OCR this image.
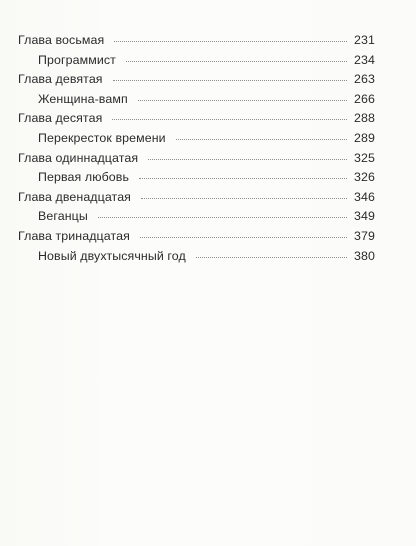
Глава восьмая	231
Программист	234
Глава девятая	263
Женщина-вамп	266
Глава десятая	288
Перекресток времени	289
Глава одиннадцатая	325
Первая любовь	326
Глава двенадцатая	346
Веганцы	349
Глава тринадцатая	379
Новый двухтысячный год	380
